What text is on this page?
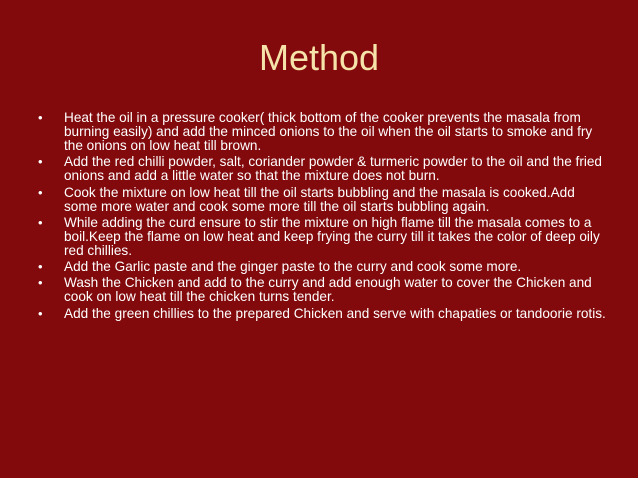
Method
•	Heat the oil in a pressure cooker( thick bottom of the cooker prevents the masala from burning easily) and add the minced onions to the oil when the oil starts to smoke and fry the onions on low heat till brown.
•	Add the red chilli powder, salt, coriander powder & turmeric powder to the oil and the fried onions and add a little water so that the mixture does not burn.
•	Cook the mixture on low heat till the oil starts bubbling and the masala is cooked.Add some more water and cook some more till the oil starts bubbling again.
•	While adding the curd ensure to stir the mixture on high flame till the masala comes to a boil.Keep the flame on low heat and keep frying the curry till it takes the color of deep oily red chillies.
•	Add the Garlic paste and the ginger paste to the curry and cook some more.
•	Wash the Chicken and add to the curry and add enough water to cover the Chicken and cook on low heat till the chicken turns tender.
•	Add the green chillies to the prepared Chicken and serve with chapaties or tandoorie rotis.
